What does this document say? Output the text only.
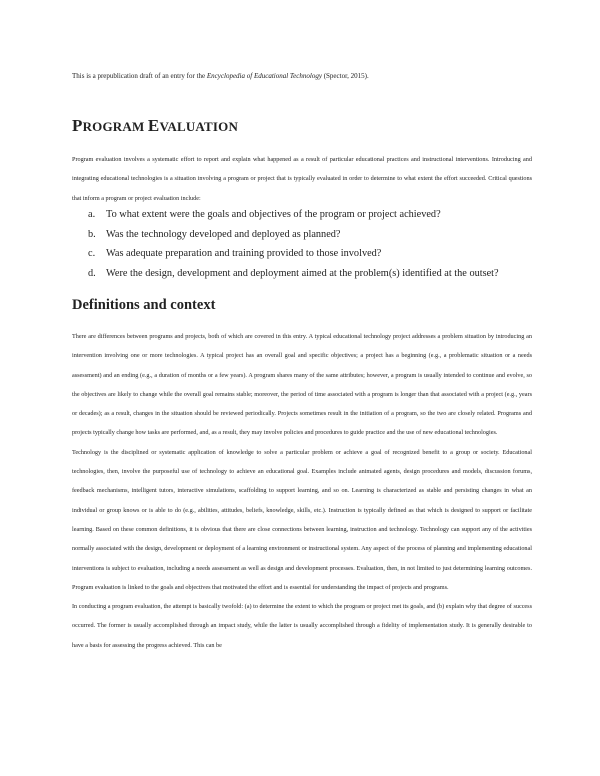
This is a prepublication draft of an entry for the Encyclopedia of Educational Technology (Spector, 2015).
PROGRAM EVALUATION
Program evaluation involves a systematic effort to report and explain what happened as a result of particular educational practices and instructional interventions. Introducing and integrating educational technologies is a situation involving a program or project that is typically evaluated in order to determine to what extent the effort succeeded. Critical questions that inform a program or project evaluation include:
a. To what extent were the goals and objectives of the program or project achieved?
b. Was the technology developed and deployed as planned?
c. Was adequate preparation and training provided to those involved?
d. Were the design, development and deployment aimed at the problem(s) identified at the outset?
Definitions and context

There are differences between programs and projects, both of which are covered in this entry. A typical educational technology project addresses a problem situation by introducing an intervention involving one or more technologies. A typical project has an overall goal and specific objectives; a project has a beginning (e.g., a problematic situation or a needs assessment) and an ending (e.g., a duration of months or a few years). A program shares many of the same attributes; however, a program is usually intended to continue and evolve, so the objectives are likely to change while the overall goal remains stable; moreover, the period of time associated with a program is longer than that associated with a project (e.g., years or decades); as a result, changes in the situation should be reviewed periodically. Projects sometimes result in the initiation of a program, so the two are closely related. Programs and projects typically change how tasks are performed, and, as a result, they may involve policies and procedures to guide practice and the use of new educational technologies.

Technology is the disciplined or systematic application of knowledge to solve a particular problem or achieve a goal of recognized benefit to a group or society. Educational technologies, then, involve the purposeful use of technology to achieve an educational goal. Examples include animated agents, design procedures and models, discussion forums, feedback mechanisms, intelligent tutors, interactive simulations, scaffolding to support learning, and so on. Learning is characterized as stable and persisting changes in what an individual or group knows or is able to do (e.g., abilities, attitudes, beliefs, knowledge, skills, etc.). Instruction is typically defined as that which is designed to support or facilitate learning. Based on these common definitions, it is obvious that there are close connections between learning, instruction and technology. Technology can support any of the activities normally associated with the design, development or deployment of a learning environment or instructional system. Any aspect of the process of planning and implementing educational interventions is subject to evaluation, including a needs assessment as well as design and development processes. Evaluation, then, in not limited to just determining learning outcomes. Program evaluation is linked to the goals and objectives that motivated the effort and is essential for understanding the impact of projects and programs.

In conducting a program evaluation, the attempt is basically twofold: (a) to determine the extent to which the program or project met its goals, and (b) explain why that degree of success occurred. The former is usually accomplished through an impact study, while the latter is usually accomplished through a fidelity of implementation study. It is generally desirable to have a basis for assessing the progress achieved. This can be
